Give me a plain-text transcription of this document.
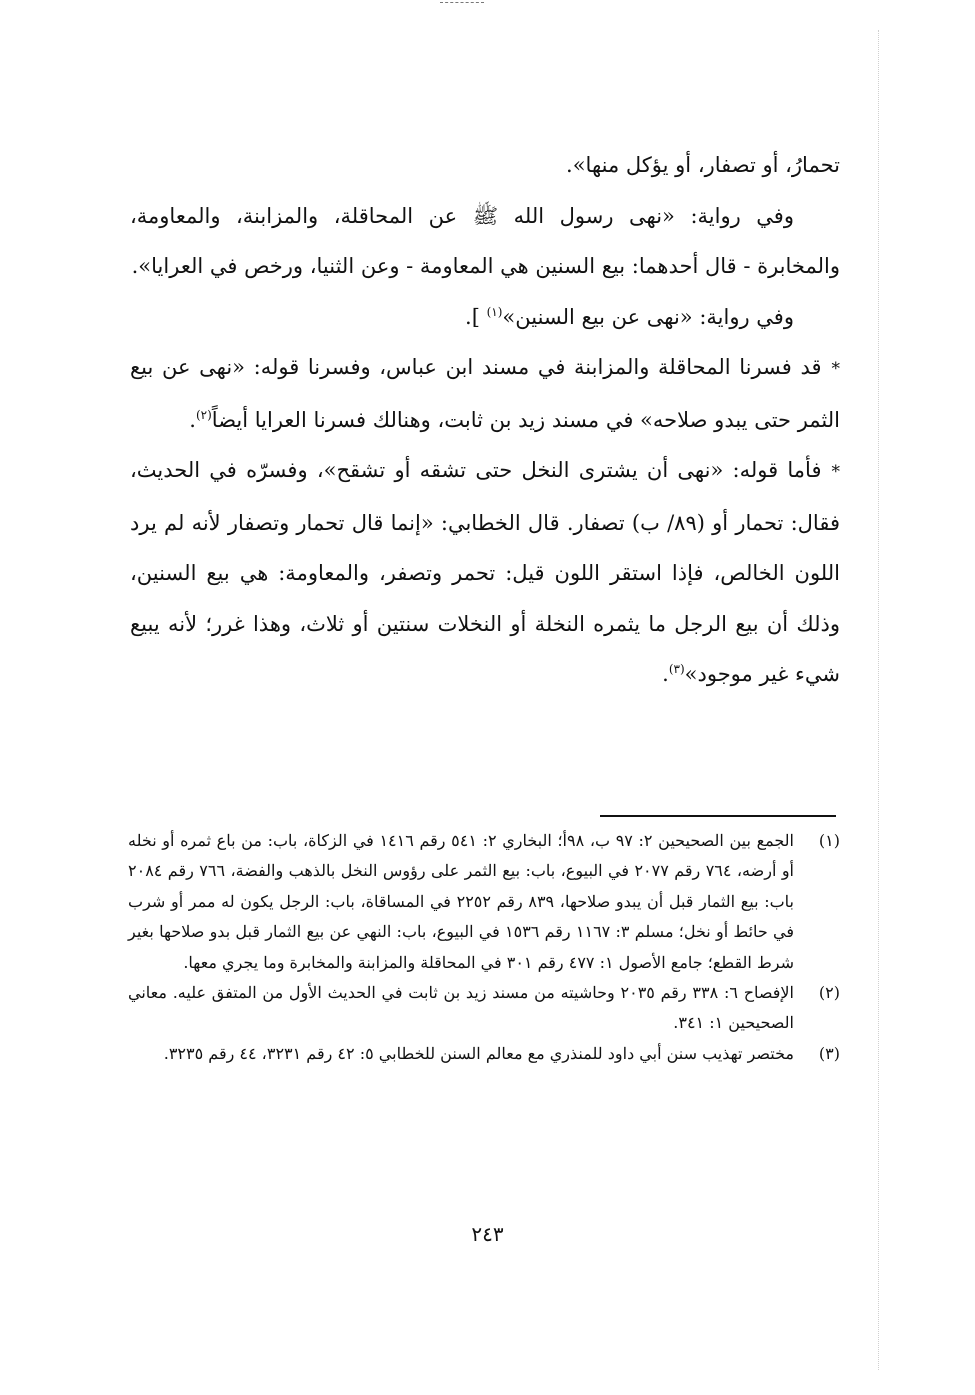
تحمارُ، أو تصفار، أو يؤكل منها».

وفي رواية: «نهى رسول الله ﷺ عن المحاقلة، والمزابنة، والمعاومة، والمخابرة - قال أحدهما: بيع السنين هي المعاومة - وعن الثنيا، ورخص في العرايا».

وفي رواية: «نهى عن بيع السنين»$^{(١)}$ ].

*قد فسرنا المحاقلة والمزابنة في مسند ابن عباس، وفسرنا قوله: «نهى عن بيع الثمر حتى يبدو صلاحه» في مسند زيد بن ثابت، وهنالك فسرنا العرايا أيضاً$^{(٢)}$.

*فأما قوله: «نهى أن يشترى النخل حتى تشقه أو تشقح»، وفسرّه في الحديث، فقال: تحمار أو (٨٩/ ب) تصفار. قال الخطابي: «إنما قال تحمار وتصفار لأنه لم يرد اللون الخالص، فإذا استقر اللون قيل: تحمر وتصفر، والمعاومة: هي بيع السنين، وذلك أن بيع الرجل ما يثمره النخلة أو النخلات سنتين أو ثلاث، وهذا غرر؛ لأنه يبيع شيء غير موجود»$^{(٣)}$.

(١)
الجمع بين الصحيحين ٢: ٩٧ ب، ٩٨أ؛ البخاري ٢: ٥٤١ رقم ١٤١٦ في الزكاة، باب: من باع ثمره أو نخله أو أرضه، ٧٦٤ رقم ٢٠٧٧ في البيوع، باب: بيع الثمر على رؤوس النخل بالذهب والفضة، ٧٦٦ رقم ٢٠٨٤ باب: بيع الثمار قبل أن يبدو صلاحها، ٨٣٩ رقم ٢٢٥٢ في المساقاة، باب: الرجل يكون له ممر أو شرب في حائط أو نخل؛ مسلم ٣: ١١٦٧ رقم ١٥٣٦ في البيوع، باب: النهي عن بيع الثمار قبل بدو صلاحها بغير شرط القطع؛ جامع الأصول ١: ٤٧٧ رقم ٣٠١ في المحاقلة والمزابنة والمخابرة وما يجري معها.
(٢)
الإفصاح ٦: ٣٣٨ رقم ٢٠٣٥ وحاشيته من مسند زيد بن ثابت في الحديث الأول من المتفق عليه. معاني الصحيحين ١: ٣٤١.
(٣)
مختصر تهذيب سنن أبي داود للمنذري مع معالم السنن للخطابي ٥: ٤٢ رقم ٣٢٣١، ٤٤ رقم ٣٢٣٥.
٢٤٣
